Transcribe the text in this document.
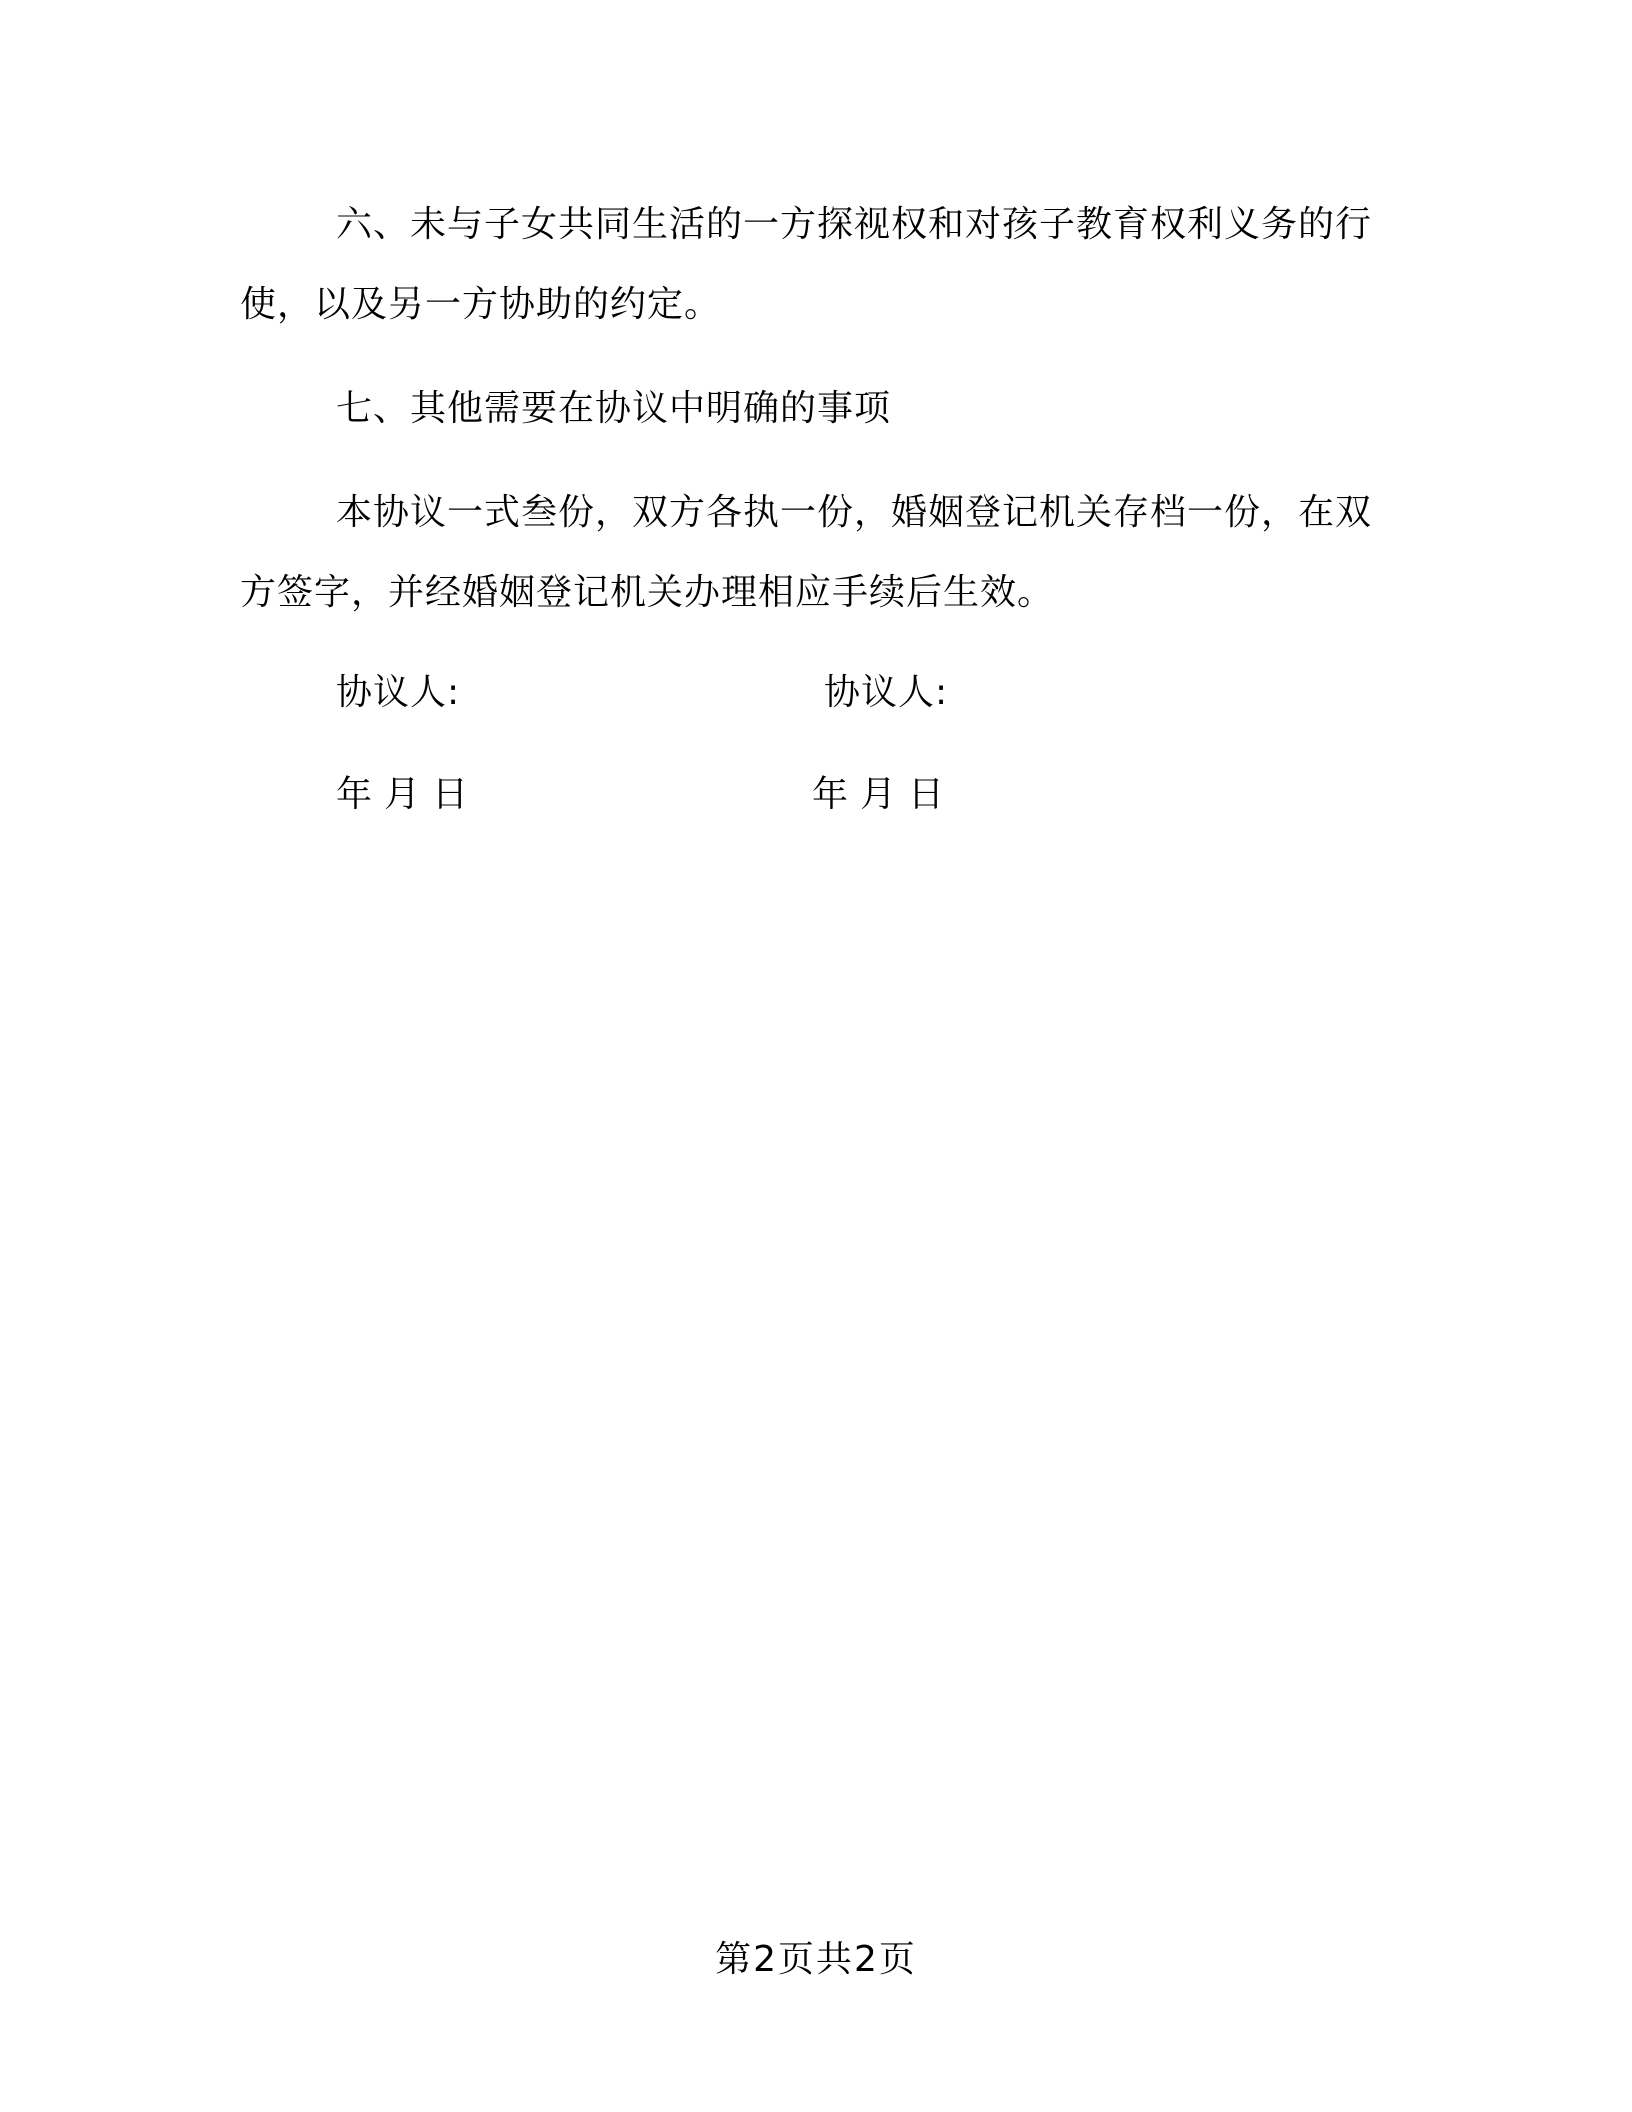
六、未与子女共同生活的一方探视权和对孩子教育权利义务的行使，以及另一方协助的约定。

七、其他需要在协议中明确的事项

本协议一式叁份，双方各执一份，婚姻登记机关存档一份，在双方签字，并经婚姻登记机关办理相应手续后生效。

协议人:	协议人:
年月日	年月日
第2页共2页
